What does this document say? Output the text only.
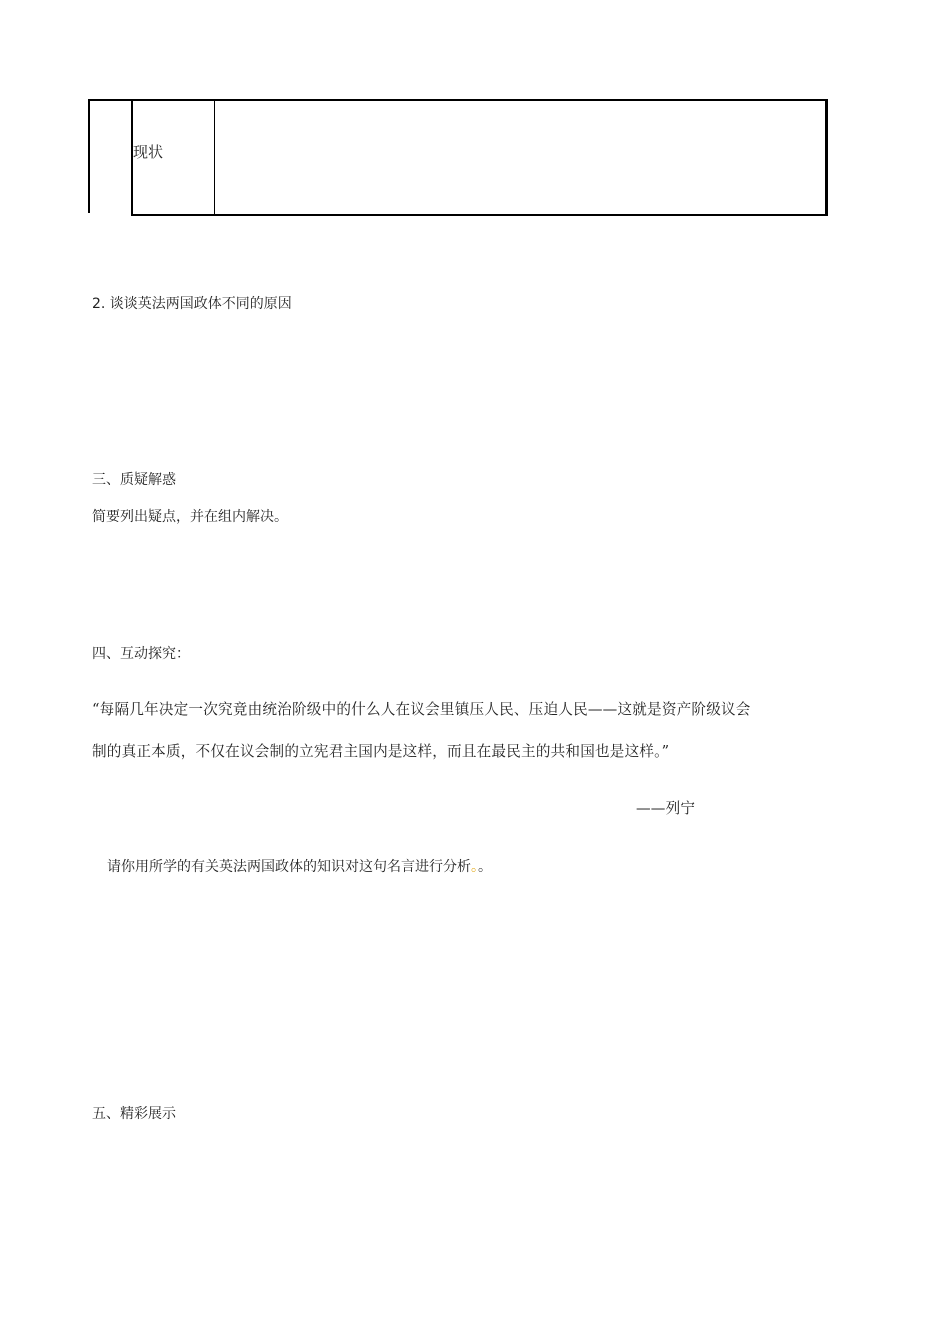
现状
2. 谈谈英法两国政体不同的原因
三、质疑解惑
简要列出疑点，并在组内解决。
四、互动探究：
“每隔几年决定一次究竟由统治阶级中的什么人在议会里镇压人民、压迫人民——这就是资产阶级议会
制的真正本质，不仅在议会制的立宪君主国内是这样，而且在最民主的共和国也是这样。”
——列宁
请你用所学的有关英法两国政体的知识对这句名言进行分析。。
五、精彩展示
